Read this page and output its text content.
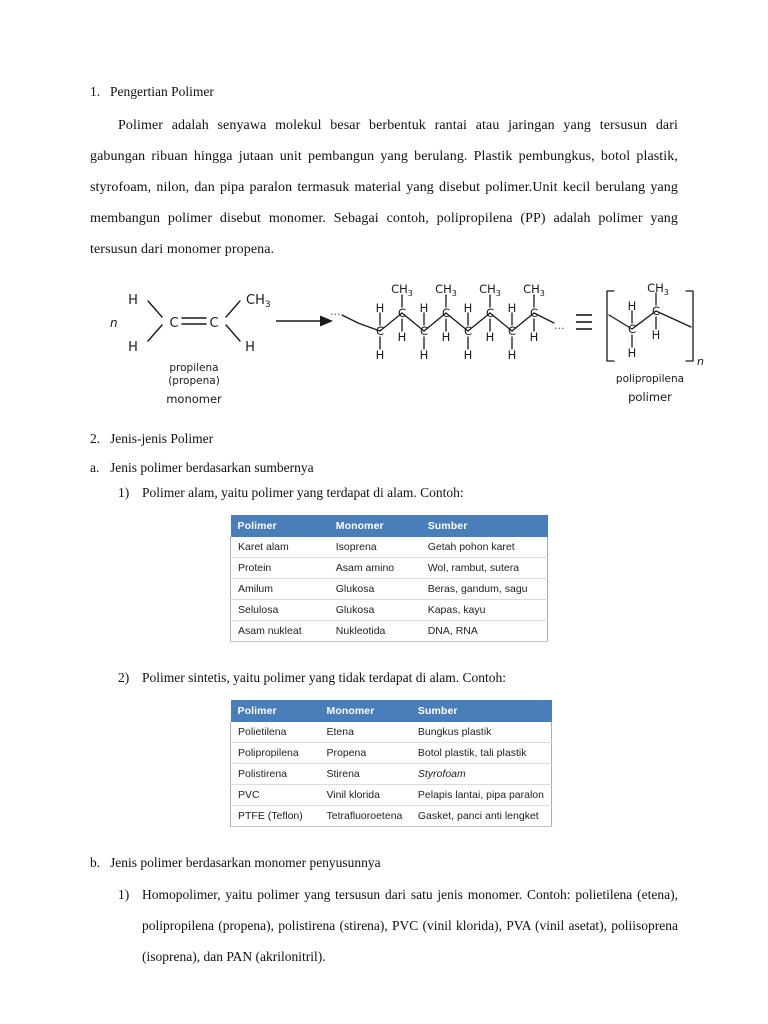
1. Pengertian Polimer

Polimer adalah senyawa molekul besar berbentuk rantai atau jaringan yang tersusun dari gabungan ribuan hingga jutaan unit pembangun yang berulang. Plastik pembungkus, botol plastik, styrofoam, nilon, dan pipa paralon termasuk material yang disebut polimer.Unit kecil berulang yang membangun polimer disebut monomer. Sebagai contoh, polipropilena (PP) adalah polimer yang tersusun dari monomer propena.

H
H
C C
$CH_3$
H
n
propilena
(propena)
monomer
C	C	C	C
C	C	C	C
H	H	H	H
H	H	H	H
H	H	H	H
$CH_3$ $CH_3$ $CH_3$ $CH_3$
...
...	C
C
H
H
H
$CH_3$
n
polipropilena
polimer

2. Jenis-jenis Polimer

a. Jenis polimer berdasarkan sumbernya

1) Polimer alam, yaitu polimer yang terdapat di alam. Contoh:

Polimer	Monomer	Sumber
Karet alam	Isoprena	Getah pohon karet
Protein	Asam amino	Wol, rambut, sutera
Amilum	Glukosa	Beras, gandum, sagu
Selulosa	Glukosa	Kapas, kayu
Asam nukleat	Nukleotida	DNA, RNA

2) Polimer sintetis, yaitu polimer yang tidak terdapat di alam. Contoh:

Polimer	Monomer	Sumber
Polietilena	Etena	Bungkus plastik
Polipropilena	Propena	Botol plastik, tali plastik
Polistirena	Stirena	Styrofoam
PVC	Vinil klorida	Pelapis lantai, pipa paralon
PTFE (Teflon)	Tetrafluoroetena	Gasket, panci anti lengket

b. Jenis polimer berdasarkan monomer penyusunnya

1) Homopolimer, yaitu polimer yang tersusun dari satu jenis monomer. Contoh: polietilena (etena), polipropilena (propena), polistirena (stirena), PVC (vinil klorida), PVA (vinil asetat), poliisoprena (isoprena), dan PAN (akrilonitril).
